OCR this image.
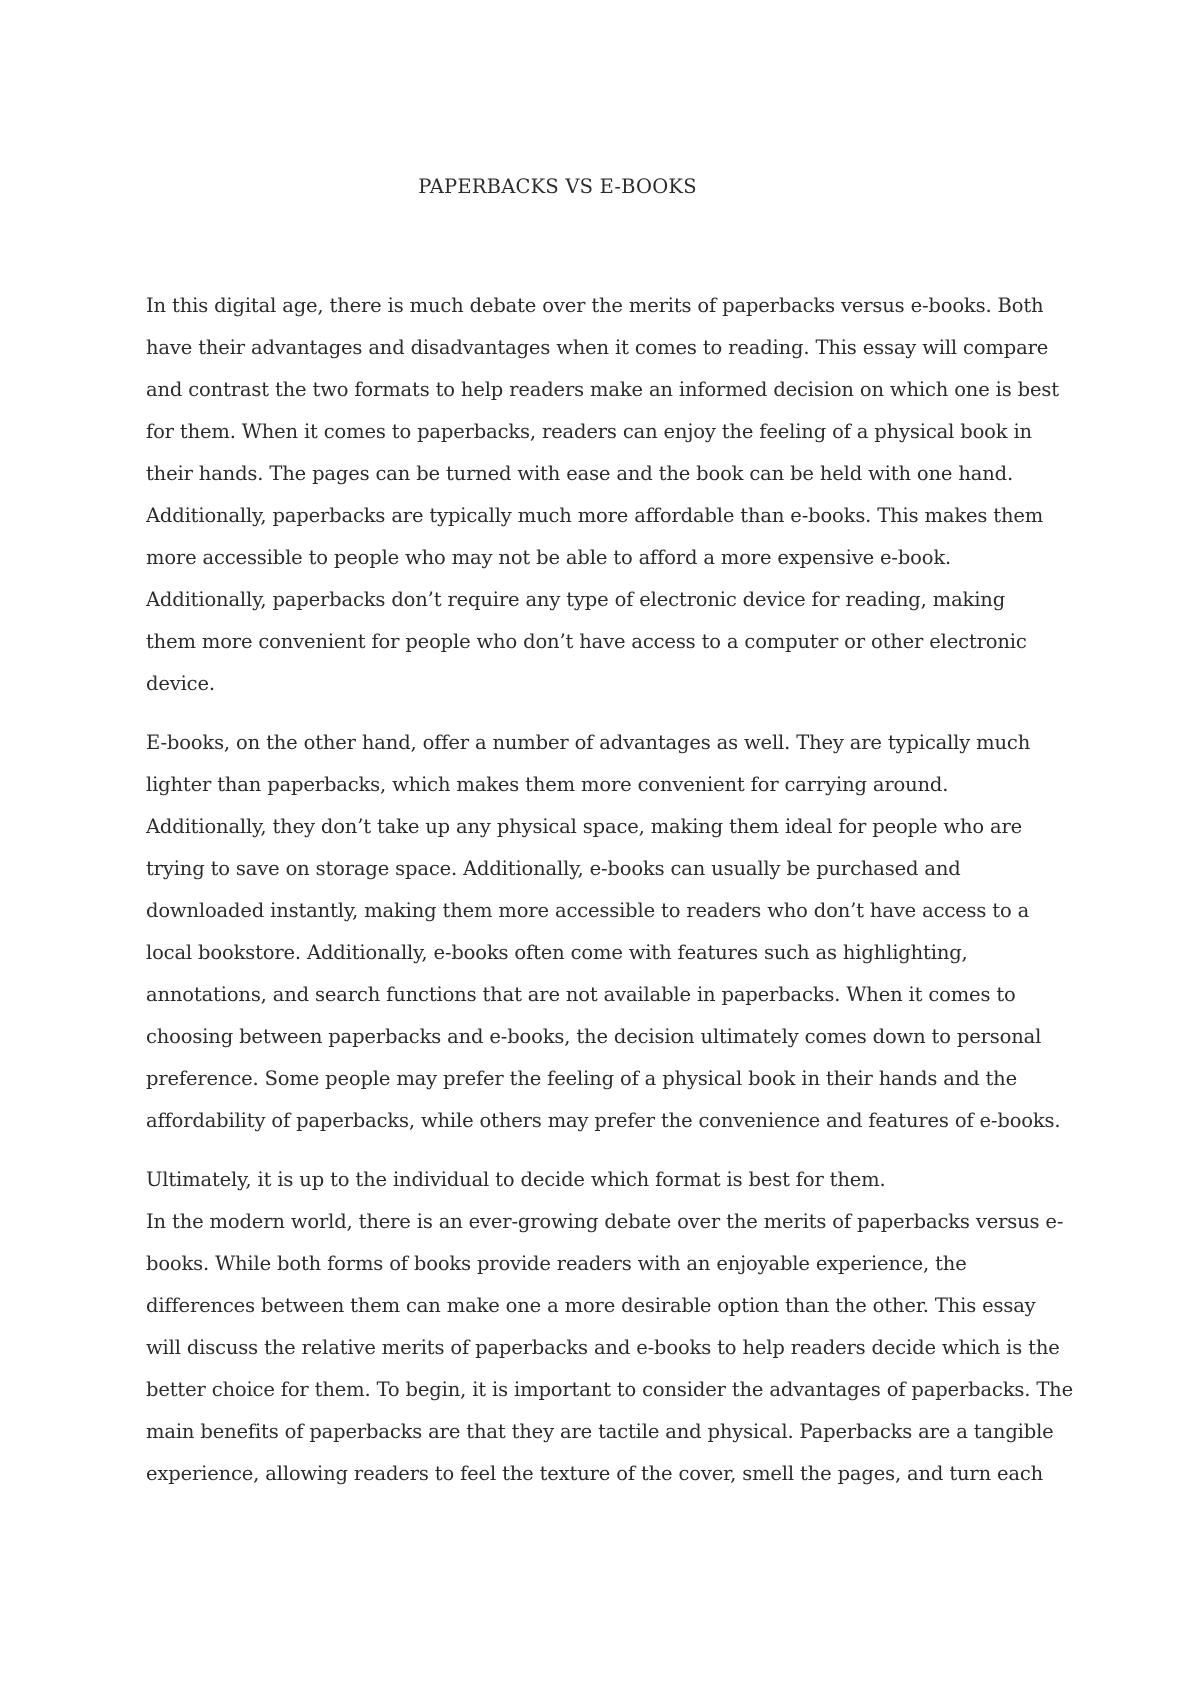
PAPERBACKS VS E-BOOKS
In this digital age, there is much debate over the merits of paperbacks versus e-books. Both
have their advantages and disadvantages when it comes to reading. This essay will compare
and contrast the two formats to help readers make an informed decision on which one is best
for them. When it comes to paperbacks, readers can enjoy the feeling of a physical book in
their hands. The pages can be turned with ease and the book can be held with one hand.
Additionally, paperbacks are typically much more affordable than e-books. This makes them
more accessible to people who may not be able to afford a more expensive e-book.
Additionally, paperbacks don’t require any type of electronic device for reading, making
them more convenient for people who don’t have access to a computer or other electronic
device.
E-books, on the other hand, offer a number of advantages as well. They are typically much
lighter than paperbacks, which makes them more convenient for carrying around.
Additionally, they don’t take up any physical space, making them ideal for people who are
trying to save on storage space. Additionally, e-books can usually be purchased and
downloaded instantly, making them more accessible to readers who don’t have access to a
local bookstore. Additionally, e-books often come with features such as highlighting,
annotations, and search functions that are not available in paperbacks. When it comes to
choosing between paperbacks and e-books, the decision ultimately comes down to personal
preference. Some people may prefer the feeling of a physical book in their hands and the
affordability of paperbacks, while others may prefer the convenience and features of e-books.
Ultimately, it is up to the individual to decide which format is best for them.
In the modern world, there is an ever-growing debate over the merits of paperbacks versus e-
books. While both forms of books provide readers with an enjoyable experience, the
differences between them can make one a more desirable option than the other. This essay
will discuss the relative merits of paperbacks and e-books to help readers decide which is the
better choice for them. To begin, it is important to consider the advantages of paperbacks. The
main benefits of paperbacks are that they are tactile and physical. Paperbacks are a tangible
experience, allowing readers to feel the texture of the cover, smell the pages, and turn each
